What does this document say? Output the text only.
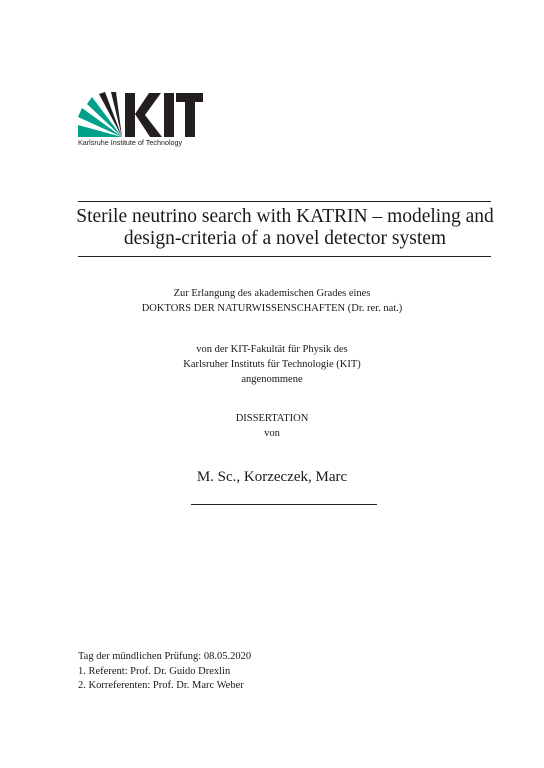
Karlsruhe Institute of Technology
Sterile neutrino search with KATRIN – modeling and
design-criteria of a novel detector system
Zur Erlangung des akademischen Grades eines
DOKTORS DER NATURWISSENSCHAFTEN (Dr. rer. nat.)
von der KIT-Fakultät für Physik des
Karlsruher Instituts für Technologie (KIT)
angenommene
DISSERTATION
von
M. Sc., Korzeczek, Marc
Tag der mündlichen Prüfung: 08.05.2020
1. Referent: Prof. Dr. Guido Drexlin
2. Korreferenten: Prof. Dr. Marc Weber
